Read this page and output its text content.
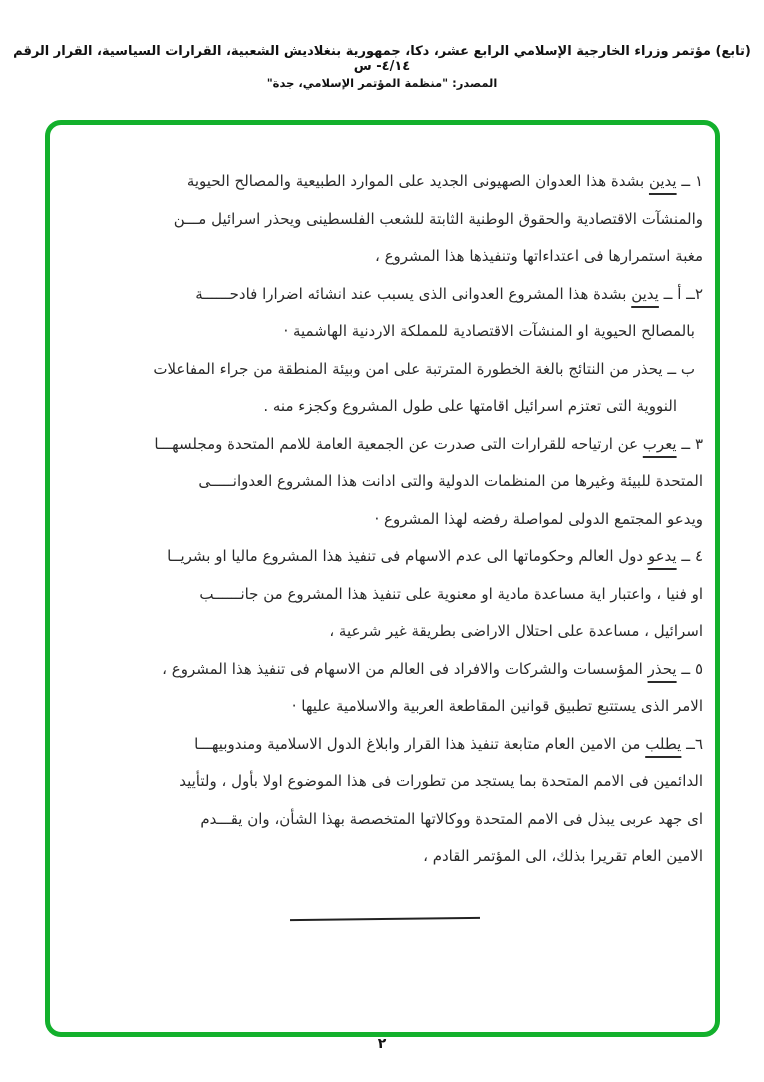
(تابع) مؤتمر وزراء الخارجية الإسلامي الرابع عشر، دكا، جمهورية بنغلاديش الشعبية، القرارات السياسية، القرار الرقم ٤/١٤- س
المصدر: "منظمة المؤتمر الإسلامي، جدة"
١ ــ يدين بشدة هذا العدوان الصهيونى الجديد على الموارد الطبيعية والمصالح الحيوية
والمنشآت الاقتصادية والحقوق الوطنية الثابتة للشعب الفلسطينى ويحذر اسرائيل مـــن
مغبة استمرارها فى اعتداءاتها وتنفيذها هذا المشروع ،
٢ــ أ ــ يدين بشدة هذا المشروع العدوانى الذى يسبب عند انشائه اضرارا فادحــــــة
بالمصالح الحيوية او المنشآت الاقتصادية للمملكة الاردنية الهاشمية ·
ب ــ يحذر من النتائج بالغة الخطورة المترتبة على امن وبيئة المنطقة من جراء المفاعلات
النووية التى تعتزم اسرائيل اقامتها على طول المشروع وكجزء منه .
٣ ــ يعرب عن ارتياحه للقرارات التى صدرت عن الجمعية العامة للامم المتحدة ومجلسهـــا
المتحدة للبيئة وغيرها من المنظمات الدولية والتى ادانت هذا المشروع العدوانـــــى
ويدعو المجتمع الدولى لمواصلة رفضه لهذا المشروع ·
٤ ــ يدعو دول العالم وحكوماتها الى عدم الاسهام فى تنفيذ هذا المشروع ماليا او بشريــا
او فنيا ، واعتبار اية مساعدة مادية او معنوية على تنفيذ هذا المشروع من جانــــــب
اسرائيل ، مساعدة على احتلال الاراضى بطريقة غير شرعية ،
٥ ــ يحذر المؤسسات والشركات والافراد فى العالم من الاسهام فى تنفيذ هذا المشروع ،
الامر الذى يستتبع تطبيق قوانين المقاطعة العربية والاسلامية عليها ·
٦ــ يطلب من الامين العام متابعة تنفيذ هذا القرار وابلاغ الدول الاسلامية ومندوبيهـــا
الدائمين فى الامم المتحدة بما يستجد من تطورات فى هذا الموضوع اولا بأول ، ولتأييد
اى جهد عربى يبذل فى الامم المتحدة ووكالاتها المتخصصة بهذا الشأن، وان يقـــدم
الامين العام تقريرا بذلك، الى المؤتمر القادم ،
٢
